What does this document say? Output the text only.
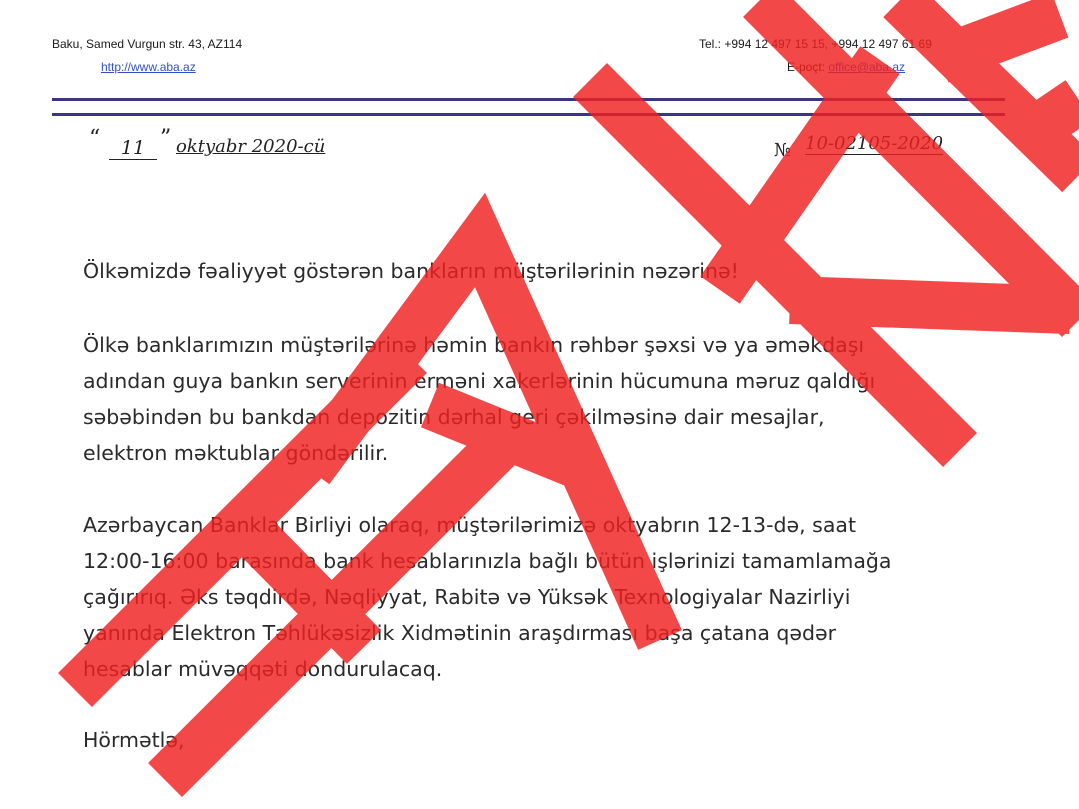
Baku, Samed Vurgun str. 43, AZ114
http://www.aba.az
Tel.: +994 12 497 15 15, +994 12 497 61 69
E-poçt: office@aba.az
“	11 ” oktyabr 2020-cü	№ 10-02105-2020

Ölkəmizdə fəaliyyət göstərən bankların müştərilərinin nəzərinə!

Ölkə banklarımızın müştərilərinə həmin bankın rəhbər şəxsi və ya əməkdaşı
adından guya bankın serverinin erməni xakerlərinin hücumuna məruz qaldığı
səbəbindən bu bankdan depozitin dərhal geri çəkilməsinə dair mesajlar,
elektron məktublar göndərilir.

Azərbaycan Banklar Birliyi olaraq, müştərilərimizə oktyabrın 12-13-də, saat
12:00-16:00 barasında bank hesablarınızla bağlı bütün işlərinizi tamamlamağa
çağırırıq. Əks təqdirdə, Nəqliyyat, Rabitə və Yüksək Texnologiyalar Nazirliyi
yanında Elektron Təhlükəsizlik Xidmətinin araşdırması başa çatana qədər
hesablar müvəqqəti dondurulacaq.

Hörmətlə,
